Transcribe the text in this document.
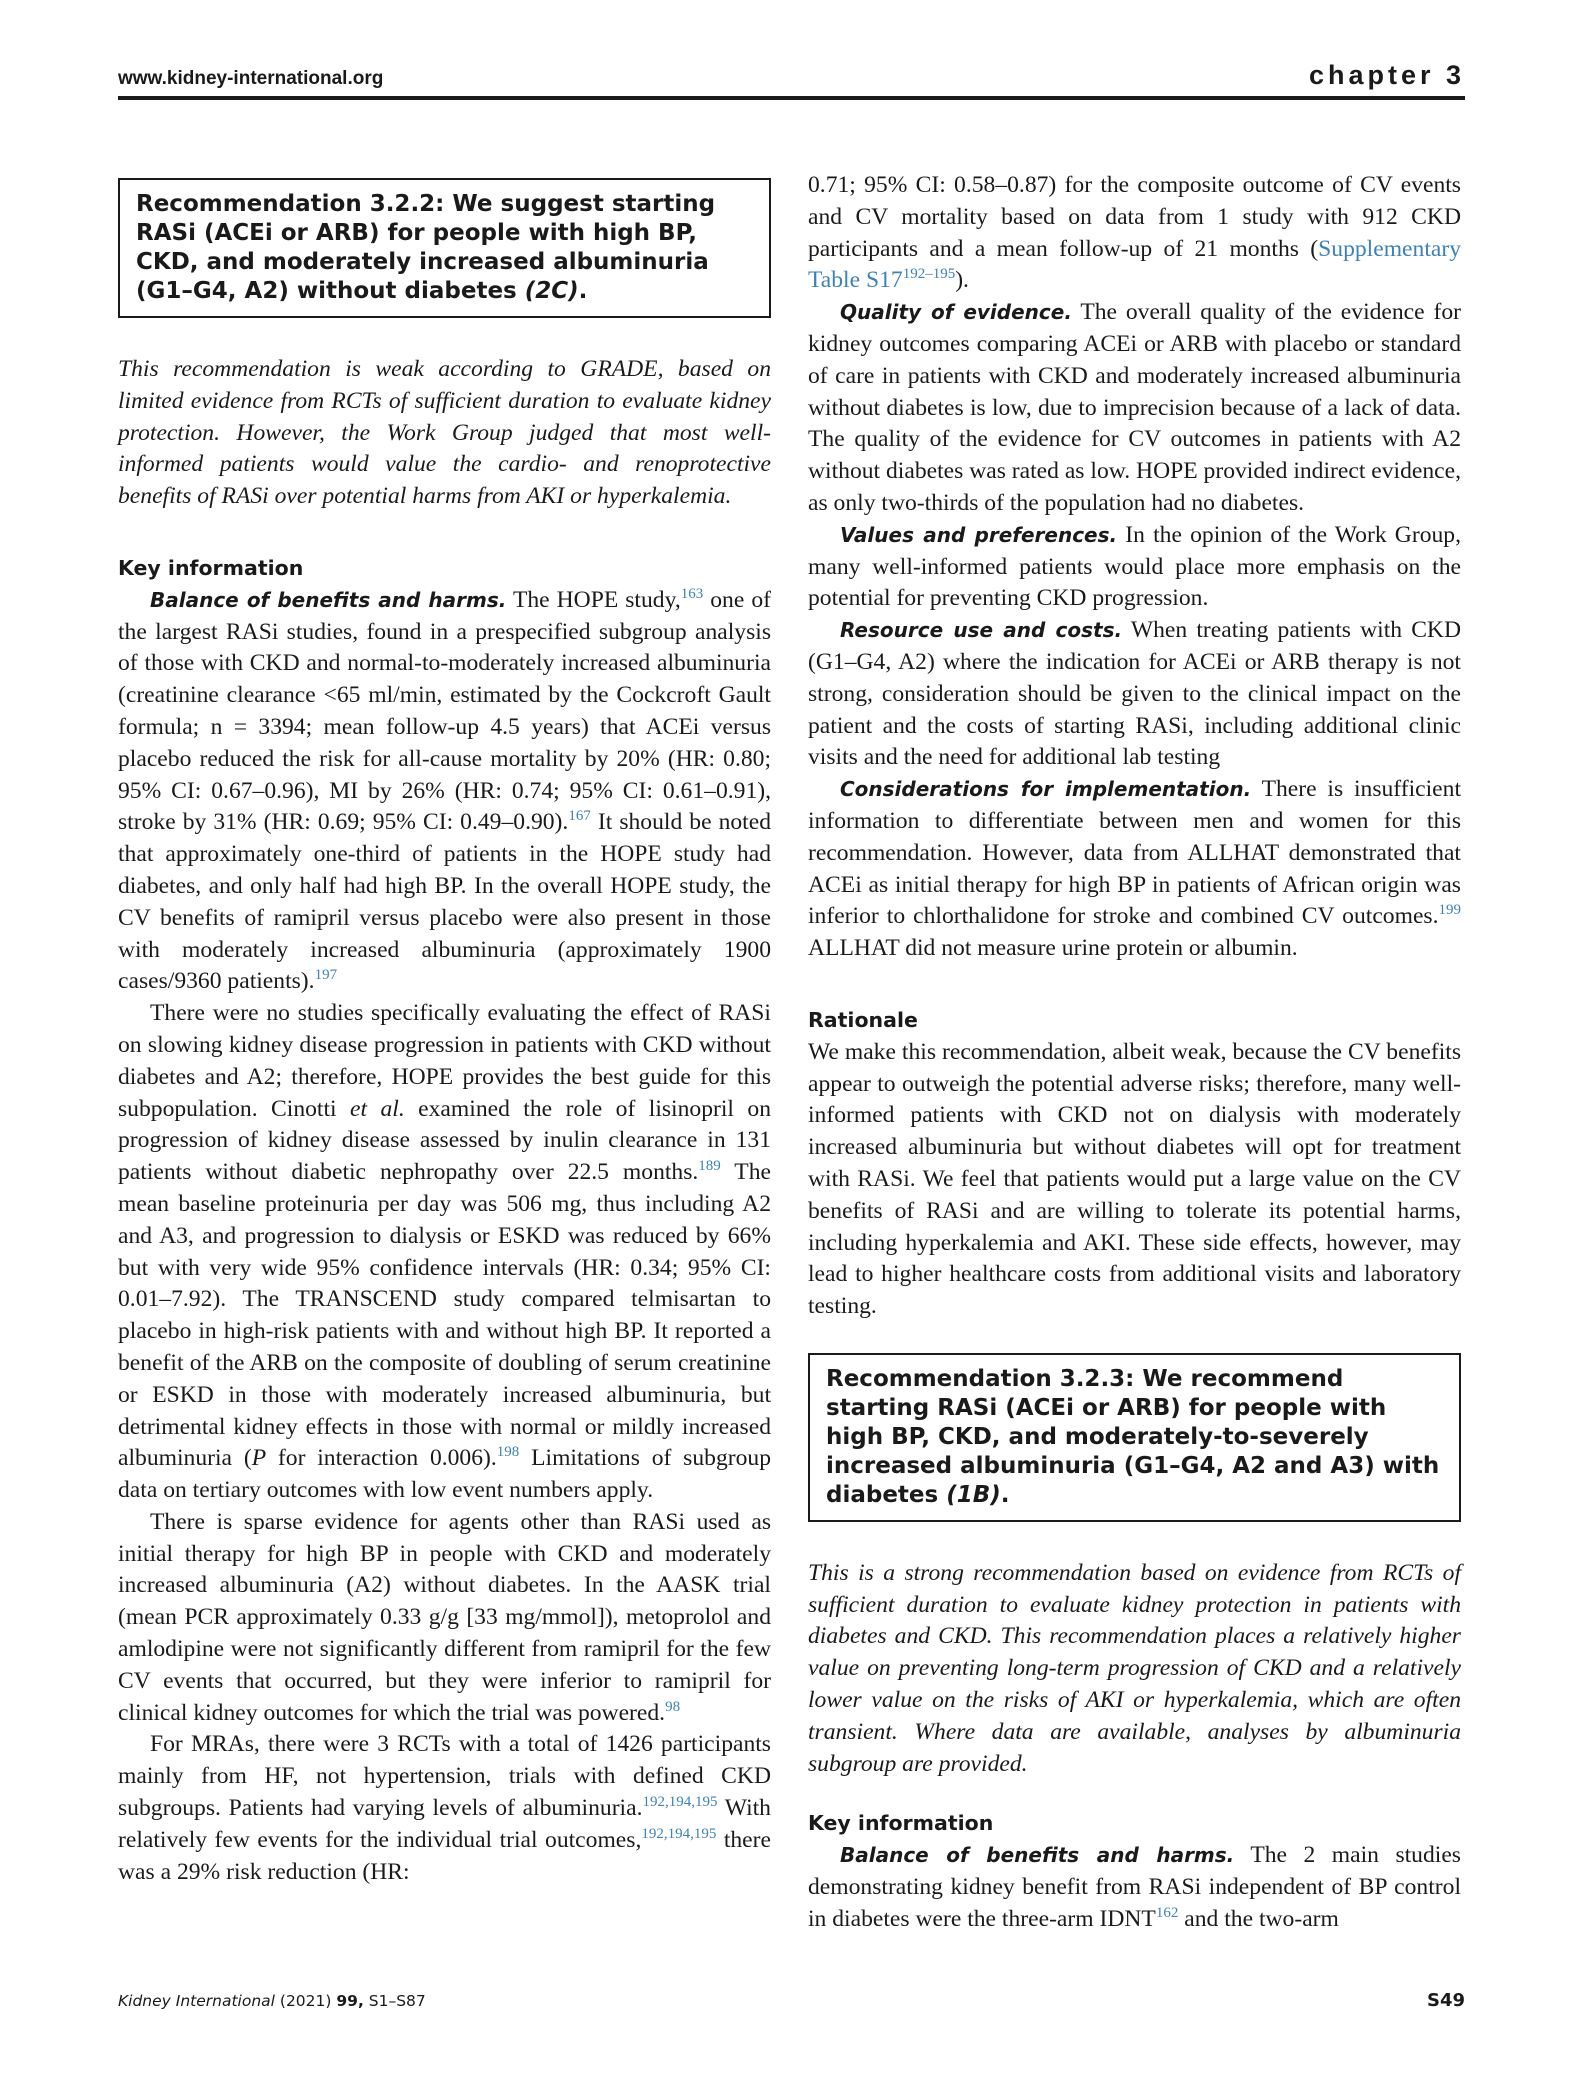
www.kidney-international.org	chapter 3
Recommendation 3.2.2: We suggest starting RASi (ACEi or ARB) for people with high BP, CKD, and moderately increased albuminuria (G1–G4, A2) without diabetes (2C).

This recommendation is weak according to GRADE, based on limited evidence from RCTs of sufficient duration to evaluate kidney protection. However, the Work Group judged that most well-informed patients would value the cardio- and renoprotective benefits of RASi over potential harms from AKI or hyperkalemia.

Key information

Balance of benefits and harms. The HOPE study,$^{163}$ one of the largest RASi studies, found in a prespecified subgroup analysis of those with CKD and normal-to-moderately increased albuminuria (creatinine clearance <65 ml/min, estimated by the Cockcroft Gault formula; n = 3394; mean follow-up 4.5 years) that ACEi versus placebo reduced the risk for all-cause mortality by 20% (HR: 0.80; 95% CI: 0.67–0.96), MI by 26% (HR: 0.74; 95% CI: 0.61–0.91), stroke by 31% (HR: 0.69; 95% CI: 0.49–0.90).$^{167}$ It should be noted that approximately one-third of patients in the HOPE study had diabetes, and only half had high BP. In the overall HOPE study, the CV benefits of ramipril versus placebo were also present in those with moderately increased albuminuria (approximately 1900 cases/9360 patients).$^{197}$

There were no studies specifically evaluating the effect of RASi on slowing kidney disease progression in patients with CKD without diabetes and A2; therefore, HOPE provides the best guide for this subpopulation. Cinotti et al. examined the role of lisinopril on progression of kidney disease assessed by inulin clearance in 131 patients without diabetic nephropathy over 22.5 months.$^{189}$ The mean baseline proteinuria per day was 506 mg, thus including A2 and A3, and progression to dialysis or ESKD was reduced by 66% but with very wide 95% confidence intervals (HR: 0.34; 95% CI: 0.01–7.92). The TRANSCEND study compared telmisartan to placebo in high-risk patients with and without high BP. It reported a benefit of the ARB on the composite of doubling of serum creatinine or ESKD in those with moderately increased albuminuria, but detrimental kidney effects in those with normal or mildly increased albuminuria (P for interaction 0.006).$^{198}$ Limitations of subgroup data on tertiary outcomes with low event numbers apply.

There is sparse evidence for agents other than RASi used as initial therapy for high BP in people with CKD and moderately increased albuminuria (A2) without diabetes. In the AASK trial (mean PCR approximately 0.33 g/g [33 mg/mmol]), metoprolol and amlodipine were not significantly different from ramipril for the few CV events that occurred, but they were inferior to ramipril for clinical kidney outcomes for which the trial was powered.$^{98}$

For MRAs, there were 3 RCTs with a total of 1426 participants mainly from HF, not hypertension, trials with defined CKD subgroups. Patients had varying levels of albuminuria.$^{192,194,195}$ With relatively few events for the individual trial outcomes,$^{192,194,195}$ there was a 29% risk reduction (HR:

0.71; 95% CI: 0.58–0.87) for the composite outcome of CV events and CV mortality based on data from 1 study with 912 CKD participants and a mean follow-up of 21 months (Supplementary Table S17$^{192-195}$).

Quality of evidence. The overall quality of the evidence for kidney outcomes comparing ACEi or ARB with placebo or standard of care in patients with CKD and moderately increased albuminuria without diabetes is low, due to imprecision because of a lack of data. The quality of the evidence for CV outcomes in patients with A2 without diabetes was rated as low. HOPE provided indirect evidence, as only two-thirds of the population had no diabetes.

Values and preferences. In the opinion of the Work Group, many well-informed patients would place more emphasis on the potential for preventing CKD progression.

Resource use and costs. When treating patients with CKD (G1–G4, A2) where the indication for ACEi or ARB therapy is not strong, consideration should be given to the clinical impact on the patient and the costs of starting RASi, including additional clinic visits and the need for additional lab testing

Considerations for implementation. There is insufficient information to differentiate between men and women for this recommendation. However, data from ALLHAT demonstrated that ACEi as initial therapy for high BP in patients of African origin was inferior to chlorthalidone for stroke and combined CV outcomes.$^{199}$ ALLHAT did not measure urine protein or albumin.

Rationale

We make this recommendation, albeit weak, because the CV benefits appear to outweigh the potential adverse risks; therefore, many well-informed patients with CKD not on dialysis with moderately increased albuminuria but without diabetes will opt for treatment with RASi. We feel that patients would put a large value on the CV benefits of RASi and are willing to tolerate its potential harms, including hyperkalemia and AKI. These side effects, however, may lead to higher healthcare costs from additional visits and laboratory testing.

Recommendation 3.2.3: We recommend starting RASi (ACEi or ARB) for people with high BP, CKD, and moderately-to-severely increased albuminuria (G1–G4, A2 and A3) with diabetes (1B).

This is a strong recommendation based on evidence from RCTs of sufficient duration to evaluate kidney protection in patients with diabetes and CKD. This recommendation places a relatively higher value on preventing long-term progression of CKD and a relatively lower value on the risks of AKI or hyperkalemia, which are often transient. Where data are available, analyses by albuminuria subgroup are provided.

Key information

Balance of benefits and harms. The 2 main studies demonstrating kidney benefit from RASi independent of BP control in diabetes were the three-arm IDNT$^{162}$ and the two-arm

Kidney International (2021) 99, S1–S87	S49
